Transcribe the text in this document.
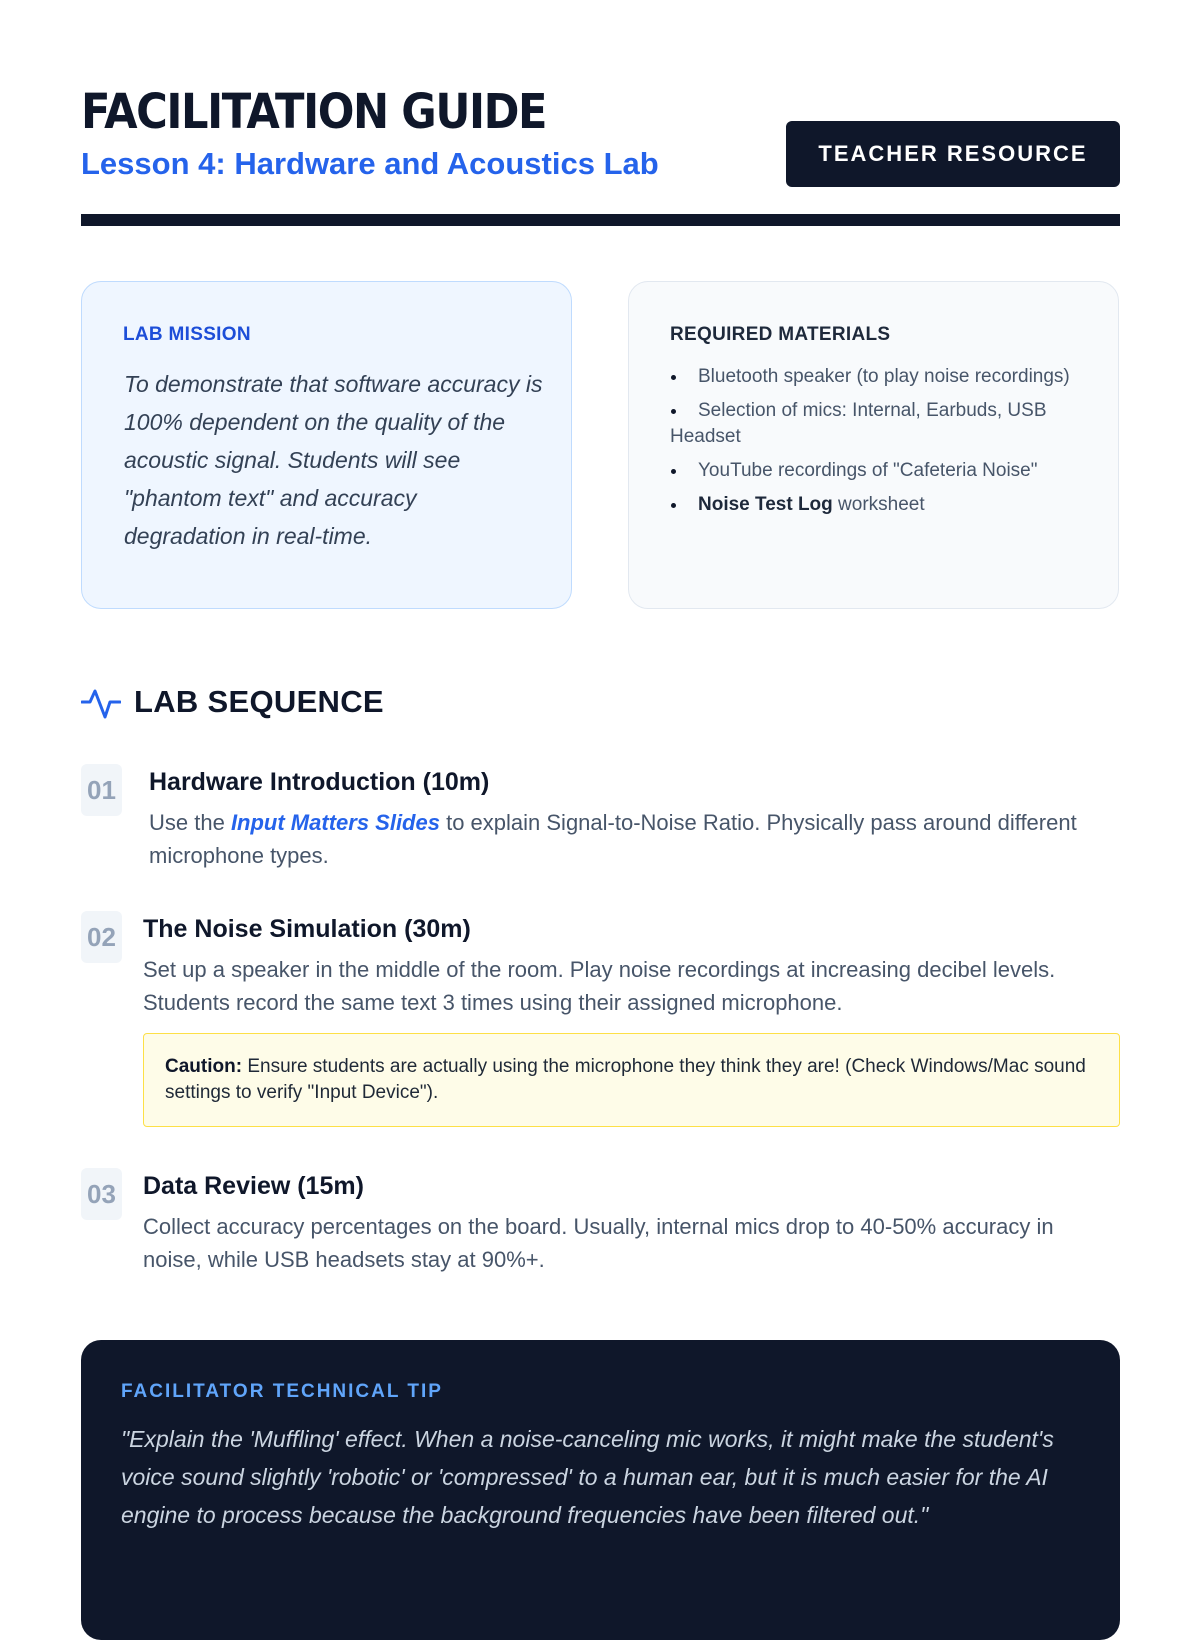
FACILITATION GUIDE
Lesson 4: Hardware and Acoustics Lab	TEACHER RESOURCE
LAB MISSION
To demonstrate that software accuracy is 100% dependent on the quality of the acoustic signal. Students will see "phantom text" and accuracy degradation in real-time.
REQUIRED MATERIALS
Bluetooth speaker (to play noise recordings)
Selection of mics: Internal, Earbuds, USB Headset
YouTube recordings of "Cafeteria Noise"
Noise Test Log worksheet
LAB SEQUENCE
01 Hardware Introduction (10m)
Use the Input Matters Slides to explain Signal-to-Noise Ratio. Physically pass around different microphone types.
02 The Noise Simulation (30m)
Set up a speaker in the middle of the room. Play noise recordings at increasing decibel levels. Students record the same text 3 times using their assigned microphone.
Caution: Ensure students are actually using the microphone they think they are! (Check Windows/Mac sound settings to verify "Input Device").
03 Data Review (15m)
Collect accuracy percentages on the board. Usually, internal mics drop to 40-50% accuracy in noise, while USB headsets stay at 90%+.
FACILITATOR TECHNICAL TIP
"Explain the 'Muffling' effect. When a noise-canceling mic works, it might make the student's voice sound slightly 'robotic' or 'compressed' to a human ear, but it is much easier for the AI engine to process because the background frequencies have been filtered out."
